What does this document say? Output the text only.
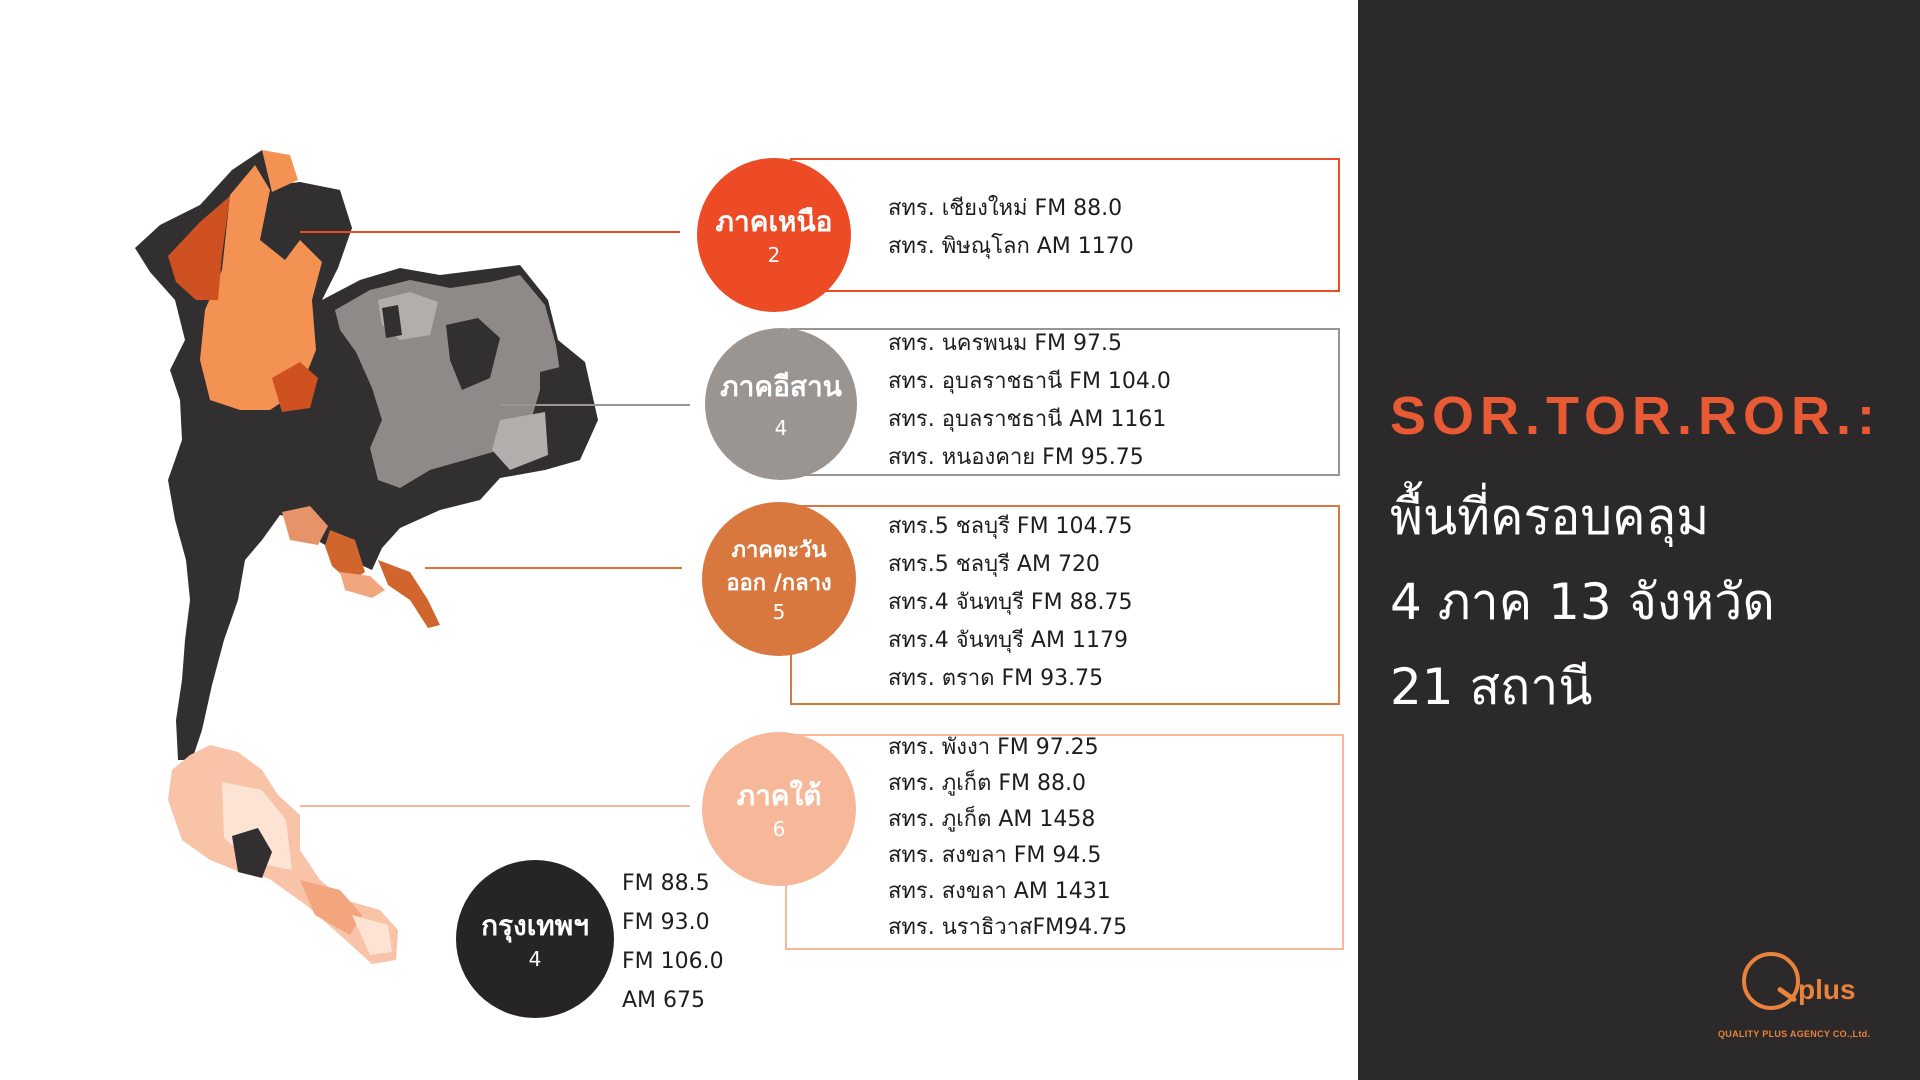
ภาคเหนือ
2
สทร. เชียงใหม่ FM 88.0
สทร. พิษณุโลก AM 1170
ภาคอีสาน
4
สทร. นครพนม FM 97.5
สทร. อุบลราชธานี FM 104.0
สทร. อุบลราชธานี AM 1161
สทร. หนองคาย FM 95.75
ภาคตะวันออก /กลาง
5
สทร.5 ชลบุรี FM 104.75
สทร.5 ชลบุรี AM 720
สทร.4 จันทบุรี FM 88.75
สทร.4 จันทบุรี AM 1179
สทร. ตราด FM 93.75
ภาคใต้
6
สทร. พังงา FM 97.25
สทร. ภูเก็ต FM 88.0
สทร. ภูเก็ต AM 1458
สทร. สงขลา FM 94.5
สทร. สงขลา AM 1431
สทร. นราธิวาสFM94.75
กรุงเทพฯ
4
FM 88.5
FM 93.0
FM 106.0
AM 675
SOR.TOR.ROR.:
พื้นที่ครอบคลุม
4 ภาค 13 จังหวัด
21 สถานี
plus
QUALITY PLUS AGENCY CO.,Ltd.
